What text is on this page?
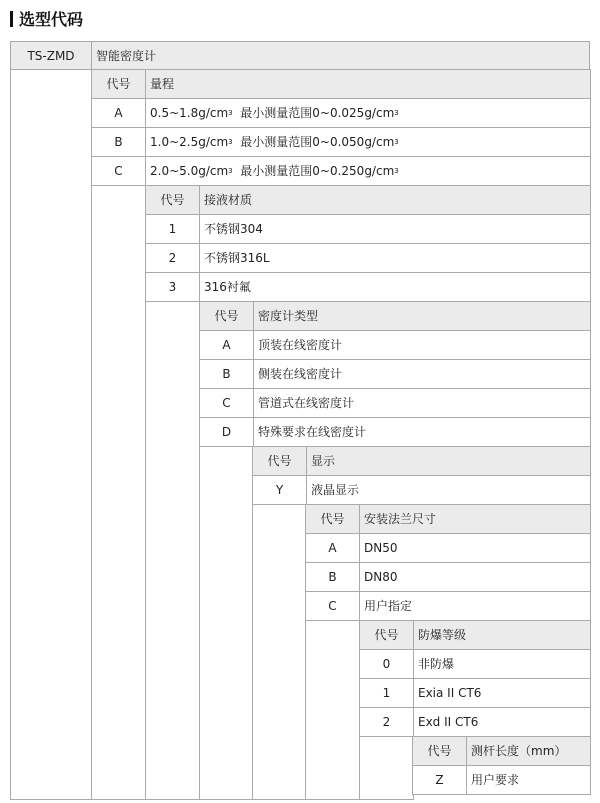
选型代码
TS-ZMD 智能密度计
代号 量程
A 0.5~1.8g/cm 3 最小测量范围0~0.025g/cm 3
B 1.0~2.5g/cm 3 最小测量范围0~0.050g/cm 3
C 2.0~5.0g/cm 3 最小测量范围0~0.250g/cm 3
代号 接液材质
1 不锈钢304
2 不锈钢316L
3 316衬氟
代号 密度计类型
A 顶装在线密度计
B 侧装在线密度计
C 管道式在线密度计
D 特殊要求在线密度计
代号 显示
Y 液晶显示
代号 安装法兰尺寸
A DN50
B DN80
C 用户指定
代号 防爆等级
0 非防爆
1 Exia II CT6
2 Exd II CT6
代号 测杆长度（mm）
Z 用户要求
